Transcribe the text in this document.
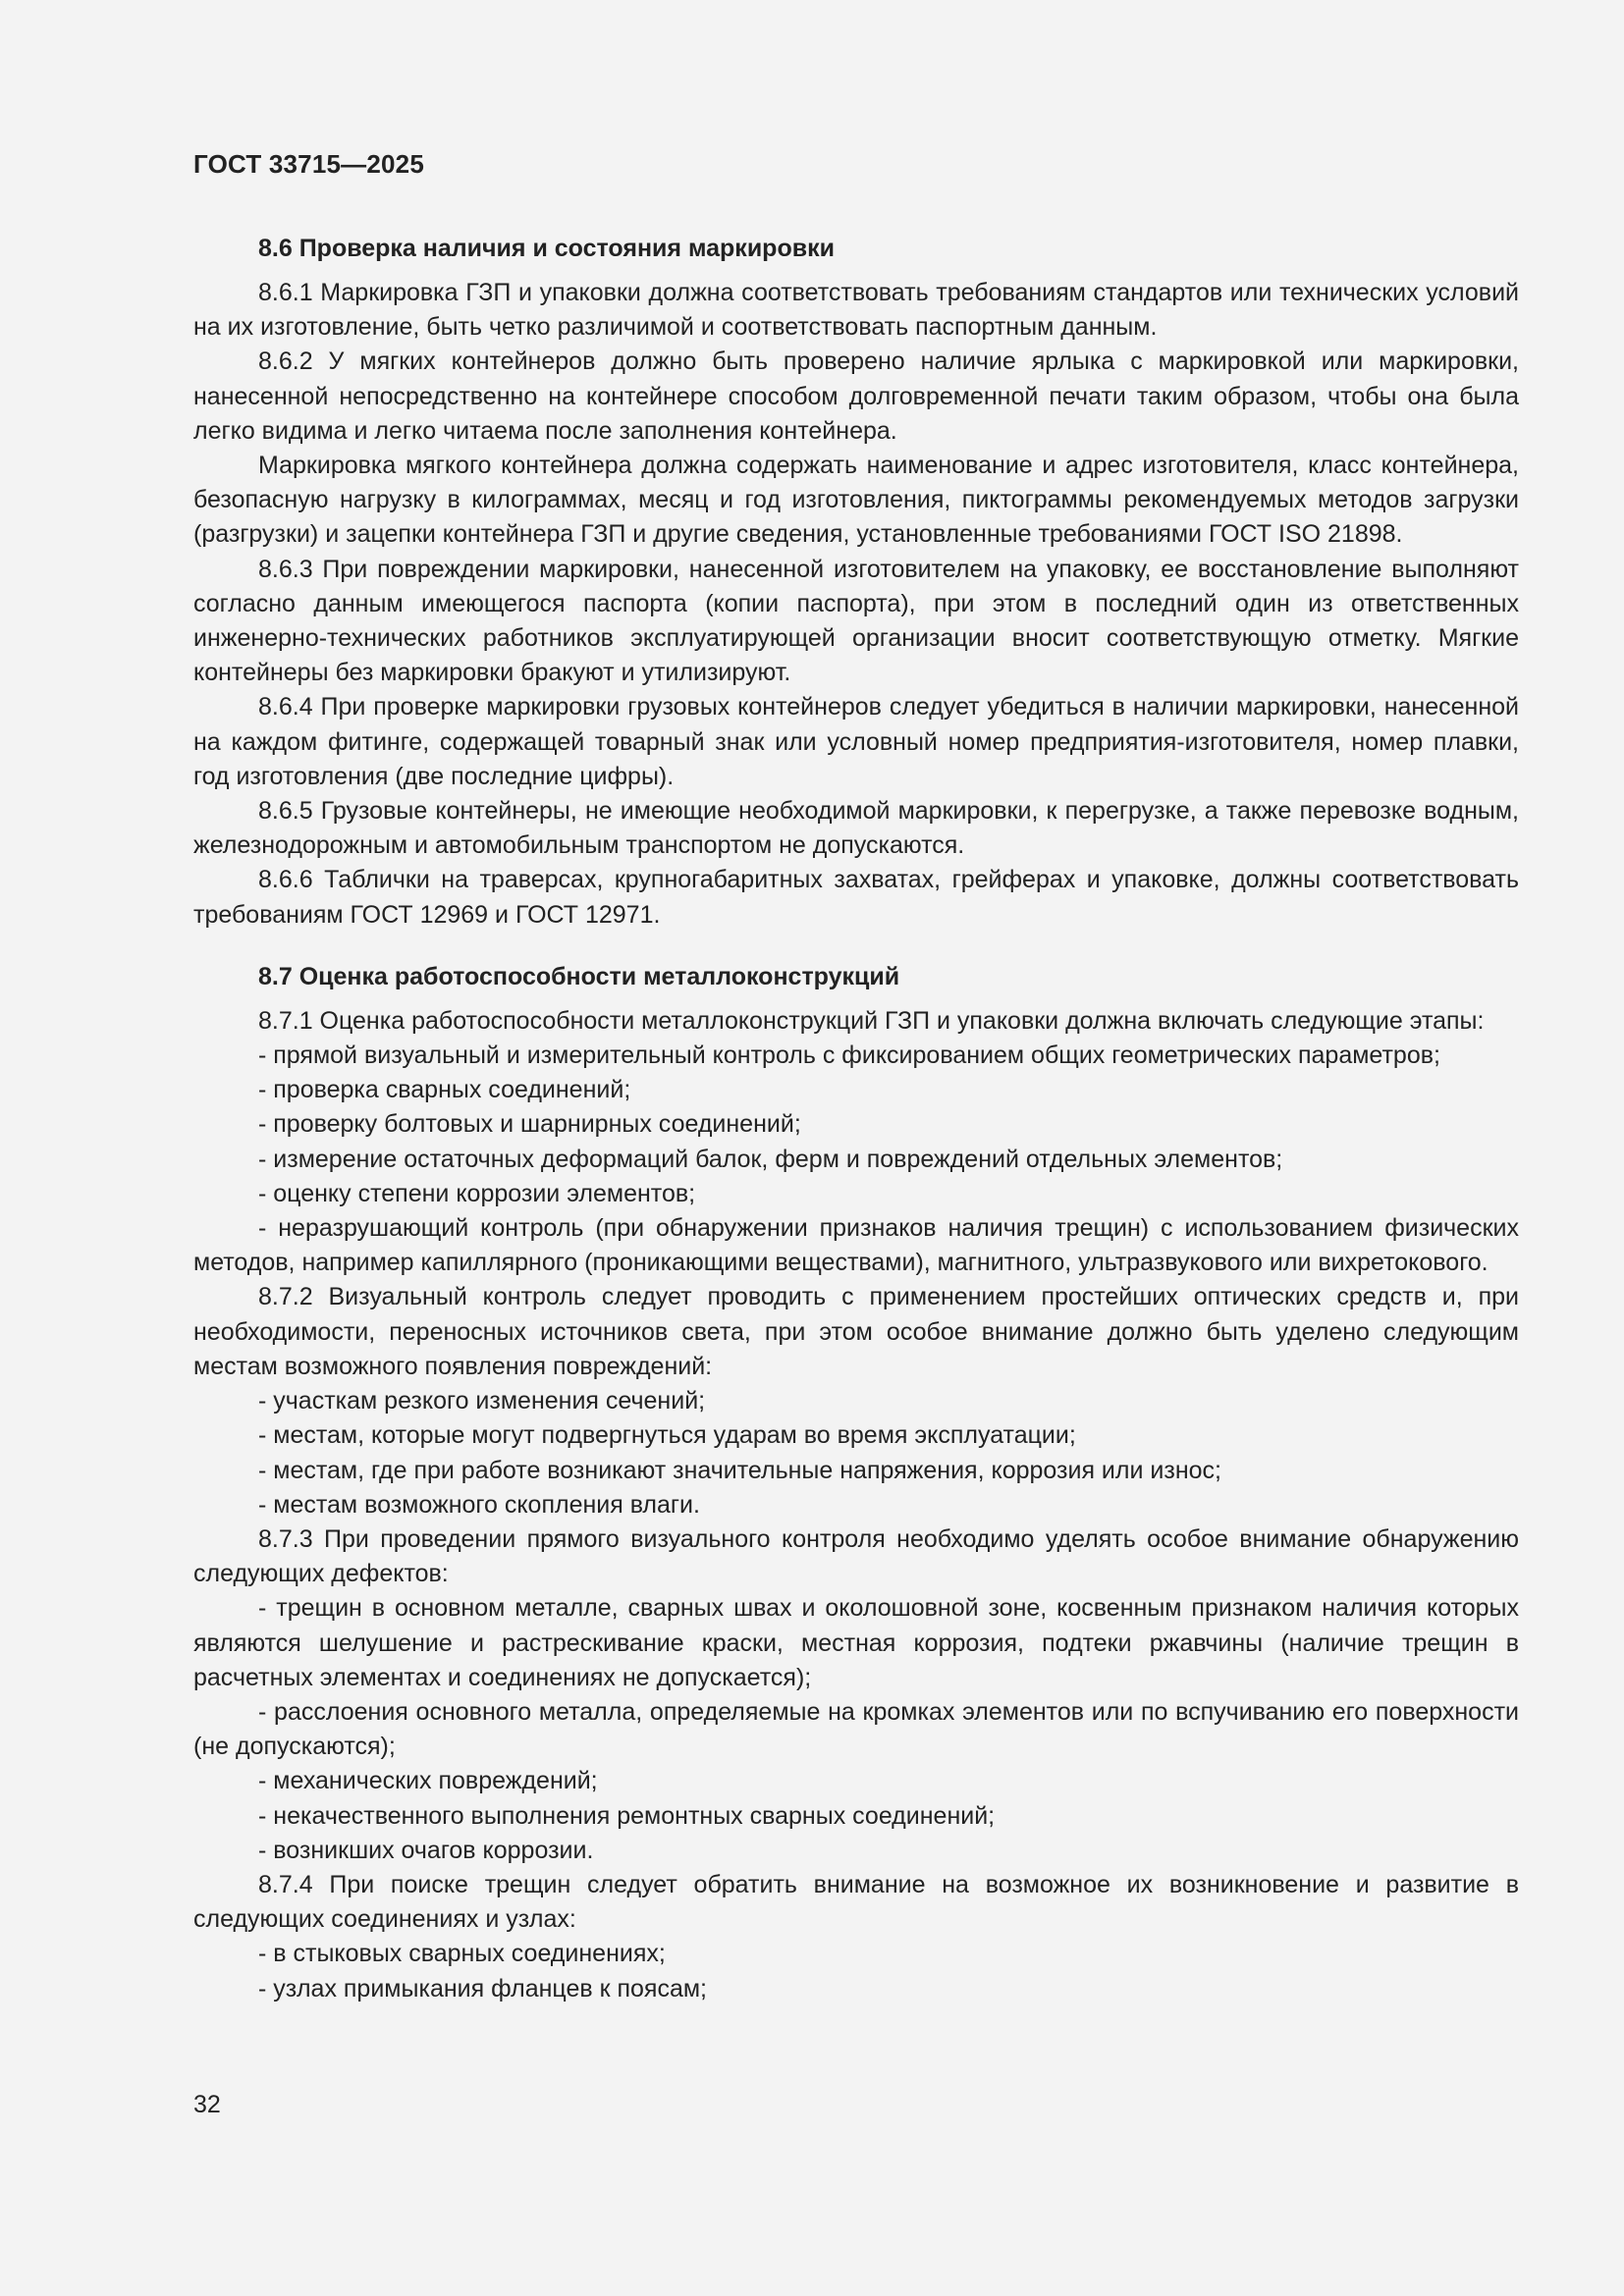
ГОСТ 33715—2025
8.6 Проверка наличия и состояния маркировки

8.6.1 Маркировка ГЗП и упаковки должна соответствовать требованиям стандартов или технических условий на их изготовление, быть четко различимой и соответствовать паспортным данным.

8.6.2 У мягких контейнеров должно быть проверено наличие ярлыка с маркировкой или маркировки, нанесенной непосредственно на контейнере способом долговременной печати таким образом, чтобы она была легко видима и легко читаема после заполнения контейнера.

Маркировка мягкого контейнера должна содержать наименование и адрес изготовителя, класс контейнера, безопасную нагрузку в килограммах, месяц и год изготовления, пиктограммы рекомендуемых методов загрузки (разгрузки) и зацепки контейнера ГЗП и другие сведения, установленные требованиями ГОСТ ISO 21898.

8.6.3 При повреждении маркировки, нанесенной изготовителем на упаковку, ее восстановление выполняют согласно данным имеющегося паспорта (копии паспорта), при этом в последний один из ответственных инженерно-технических работников эксплуатирующей организации вносит соответствующую отметку. Мягкие контейнеры без маркировки бракуют и утилизируют.

8.6.4 При проверке маркировки грузовых контейнеров следует убедиться в наличии маркировки, нанесенной на каждом фитинге, содержащей товарный знак или условный номер предприятия-изготовителя, номер плавки, год изготовления (две последние цифры).

8.6.5 Грузовые контейнеры, не имеющие необходимой маркировки, к перегрузке, а также перевозке водным, железнодорожным и автомобильным транспортом не допускаются.

8.6.6 Таблички на траверсах, крупногабаритных захватах, грейферах и упаковке, должны соответствовать требованиям ГОСТ 12969 и ГОСТ 12971.

8.7 Оценка работоспособности металлоконструкций

8.7.1 Оценка работоспособности металлоконструкций ГЗП и упаковки должна включать следующие этапы:

- прямой визуальный и измерительный контроль с фиксированием общих геометрических параметров;

- проверка сварных соединений;

- проверку болтовых и шарнирных соединений;

- измерение остаточных деформаций балок, ферм и повреждений отдельных элементов;

- оценку степени коррозии элементов;

- неразрушающий контроль (при обнаружении признаков наличия трещин) с использованием физических методов, например капиллярного (проникающими веществами), магнитного, ультразвукового или вихретокового.

8.7.2 Визуальный контроль следует проводить с применением простейших оптических средств и, при необходимости, переносных источников света, при этом особое внимание должно быть уделено следующим местам возможного появления повреждений:

- участкам резкого изменения сечений;

- местам, которые могут подвергнуться ударам во время эксплуатации;

- местам, где при работе возникают значительные напряжения, коррозия или износ;

- местам возможного скопления влаги.

8.7.3 При проведении прямого визуального контроля необходимо уделять особое внимание обнаружению следующих дефектов:

- трещин в основном металле, сварных швах и околошовной зоне, косвенным признаком наличия которых являются шелушение и растрескивание краски, местная коррозия, подтеки ржавчины (наличие трещин в расчетных элементах и соединениях не допускается);

- расслоения основного металла, определяемые на кромках элементов или по вспучиванию его поверхности (не допускаются);

- механических повреждений;

- некачественного выполнения ремонтных сварных соединений;

- возникших очагов коррозии.

8.7.4 При поиске трещин следует обратить внимание на возможное их возникновение и развитие в следующих соединениях и узлах:

- в стыковых сварных соединениях;

- узлах примыкания фланцев к поясам;

32
